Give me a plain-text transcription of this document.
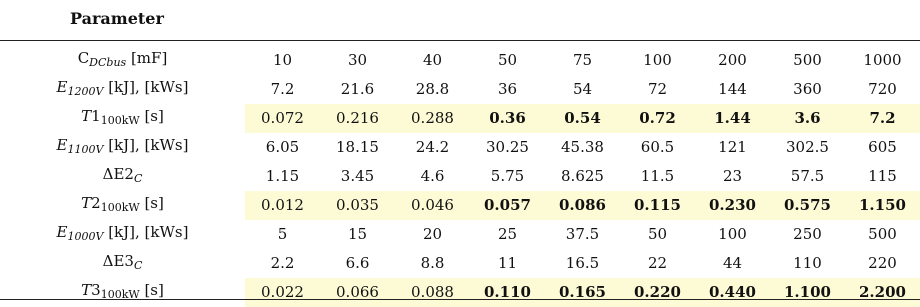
Parameter
$C_{DCbus}$ [mF]	10	30	40	50	75	100	200	500	1000
$E_{1200V}$ [kJ], [kWs]	7.2	21.6	28.8	36	54	72	144	360	720
$T1_{100kW}$ [s]	0.072	0.216	0.288	0.36	0.54	0.72	1.44	3.6	7.2
$E_{1100V}$ [kJ], [kWs]	6.05	18.15	24.2	30.25	45.38	60.5	121	302.5	605
$\Delta E2_C$	1.15	3.45	4.6	5.75	8.625	11.5	23	57.5	115
$T2_{100kW}$ [s]	0.012	0.035	0.046	0.057	0.086	0.115	0.230	0.575	1.150
$E_{1000V}$ [kJ], [kWs]	5	15	20	25	37.5	50	100	250	500
$\Delta E3_C$	2.2	6.6	8.8	11	16.5	22	44	110	220
$T3_{100kW}$ [s]	0.022	0.066	0.088	0.110	0.165	0.220	0.440	1.100	2.200
